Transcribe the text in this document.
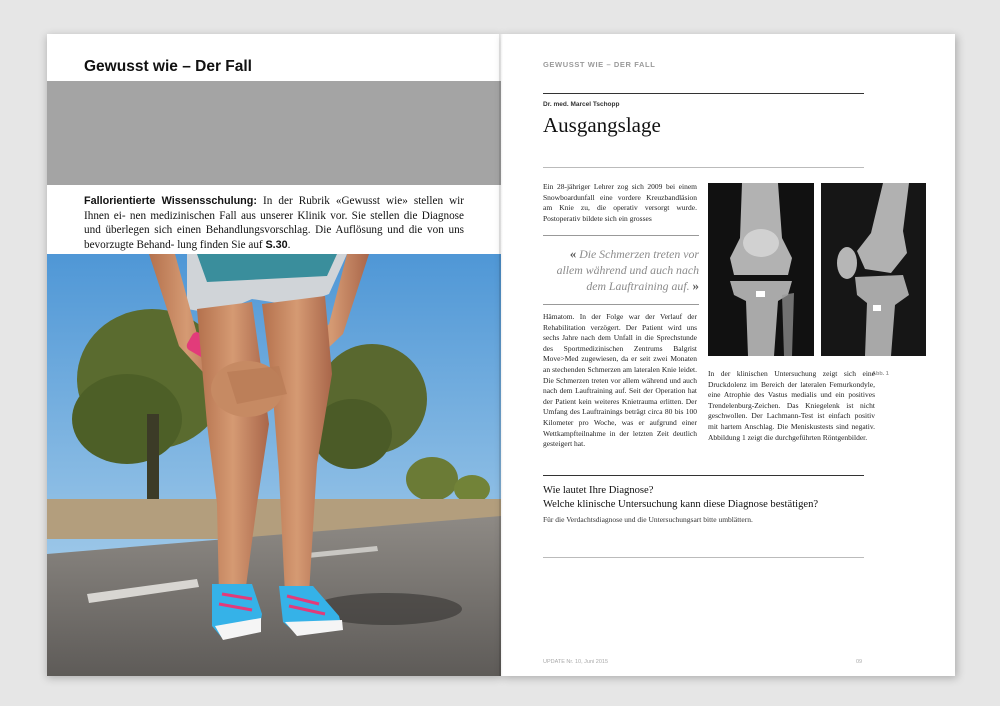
Gewusst wie – Der Fall
Fallorientierte Wissensschulung: In der Rubrik «Gewusst wie» stellen wir Ihnen ei- nen medizinischen Fall aus unserer Klinik vor. Sie stellen die Diagnose und überlegen sich einen Behandlungsvorschlag. Die Auflösung und die von uns bevorzugte Behand- lung finden Sie auf S.30.
GEWUSST WIE – DER FALL
Dr. med. Marcel Tschopp
Ausgangslage
Ein 28-jähriger Lehrer zog sich 2009 bei einem Snowboardunfall eine vordere Kreuzbandläsion am Knie zu, die operativ versorgt wurde. Postoperativ bildete sich ein grosses
« Die Schmerzen treten vor allem während und auch nach dem Lauftraining auf. »
Hämatom. In der Folge war der Verlauf der Rehabilitation verzögert. Der Patient wird uns sechs Jahre nach dem Unfall in die Sprechstunde des Sportmedizinischen Zentrums Balgrist Move>Med zugewiesen, da er seit zwei Monaten an stechenden Schmerzen am lateralen Knie leidet. Die Schmerzen treten vor allem während und auch nach dem Lauftraining auf. Seit der Operation hat der Patient kein weiteres Knietrauma erlitten. Der Umfang des Lauftrainings beträgt circa 80 bis 100 Kilometer pro Woche, was er aufgrund einer Wettkampfteilnahme in der letzten Zeit deutlich gesteigert hat.
Abb. 1
In der klinischen Untersuchung zeigt sich eine Druckdolenz im Bereich der lateralen Femurkondyle, eine Atrophie des Vastus medialis und ein positives Trendelenburg-Zeichen. Das Kniegelenk ist nicht geschwollen. Der Lachmann-Test ist einfach positiv mit hartem Anschlag. Die Meniskustests sind negativ. Abbildung 1 zeigt die durchgeführten Röntgenbilder.
Wie lautet Ihre Diagnose?
Welche klinische Untersuchung kann diese Diagnose bestätigen?
Für die Verdachtsdiagnose und die Untersuchungsart bitte umblättern.
UPDATE Nr. 10, Juni 2015	09
